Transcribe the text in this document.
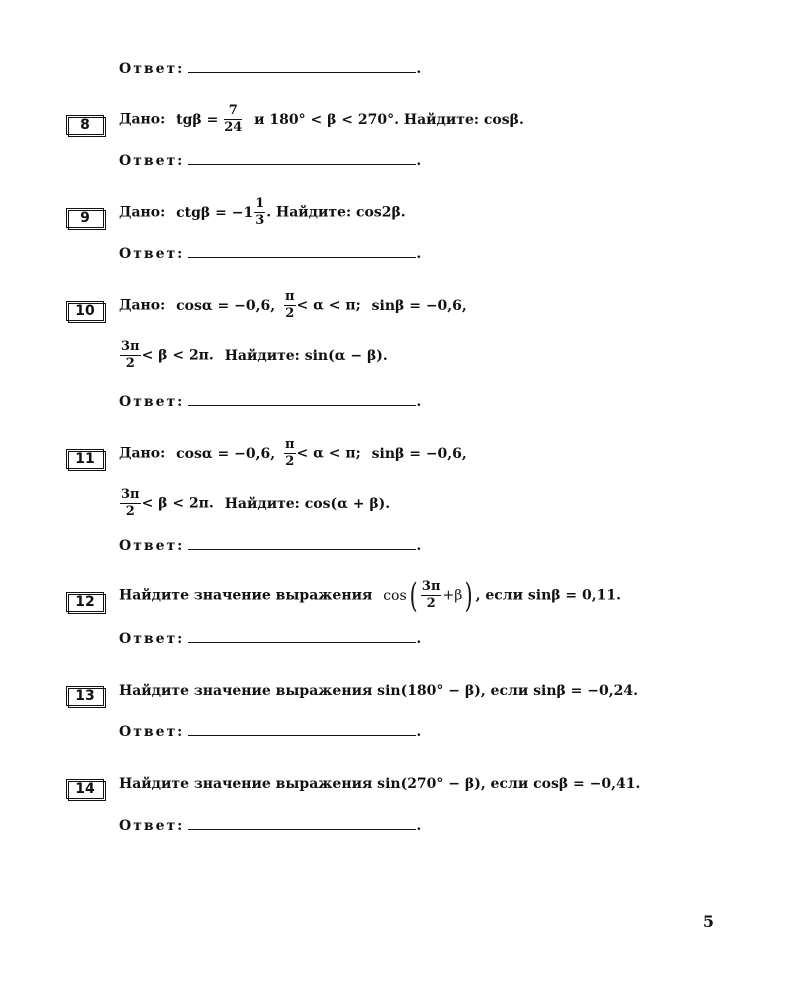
Ответ:	.
8	Дано: $tg\beta = \frac{7}{24}$ и 180° < β < 270°. Найдите: cosβ.
Ответ:	.
9	Дано: $ctg\beta = -1 \frac{1}{3}$ . Найдите: cos2β.
Ответ:	.
10	Дано: cosα = −0,6, $\frac{\pi}{2} < \alpha < \pi$; sinβ = −0,6,
$\frac{3\pi}{2} < \beta < 2\pi$. Найдите: sin(α − β).
Ответ:	.
11	Дано: cosα = −0,6, $\frac{\pi}{2} < \alpha < \pi$; sinβ = −0,6,
$\frac{3\pi}{2} < \beta < 2\pi$. Найдите: cos(α + β).
Ответ:	.
12	Найдите значение выражения $\cos( \frac{3\pi}{2} +\beta)$ , если sinβ = 0,11.
Ответ:	.
13	Найдите значение выражения sin(180° − β), если sinβ = −0,24.
Ответ:	.
14	Найдите значение выражения sin(270° − β), если cosβ = −0,41.
Ответ:	.
5
